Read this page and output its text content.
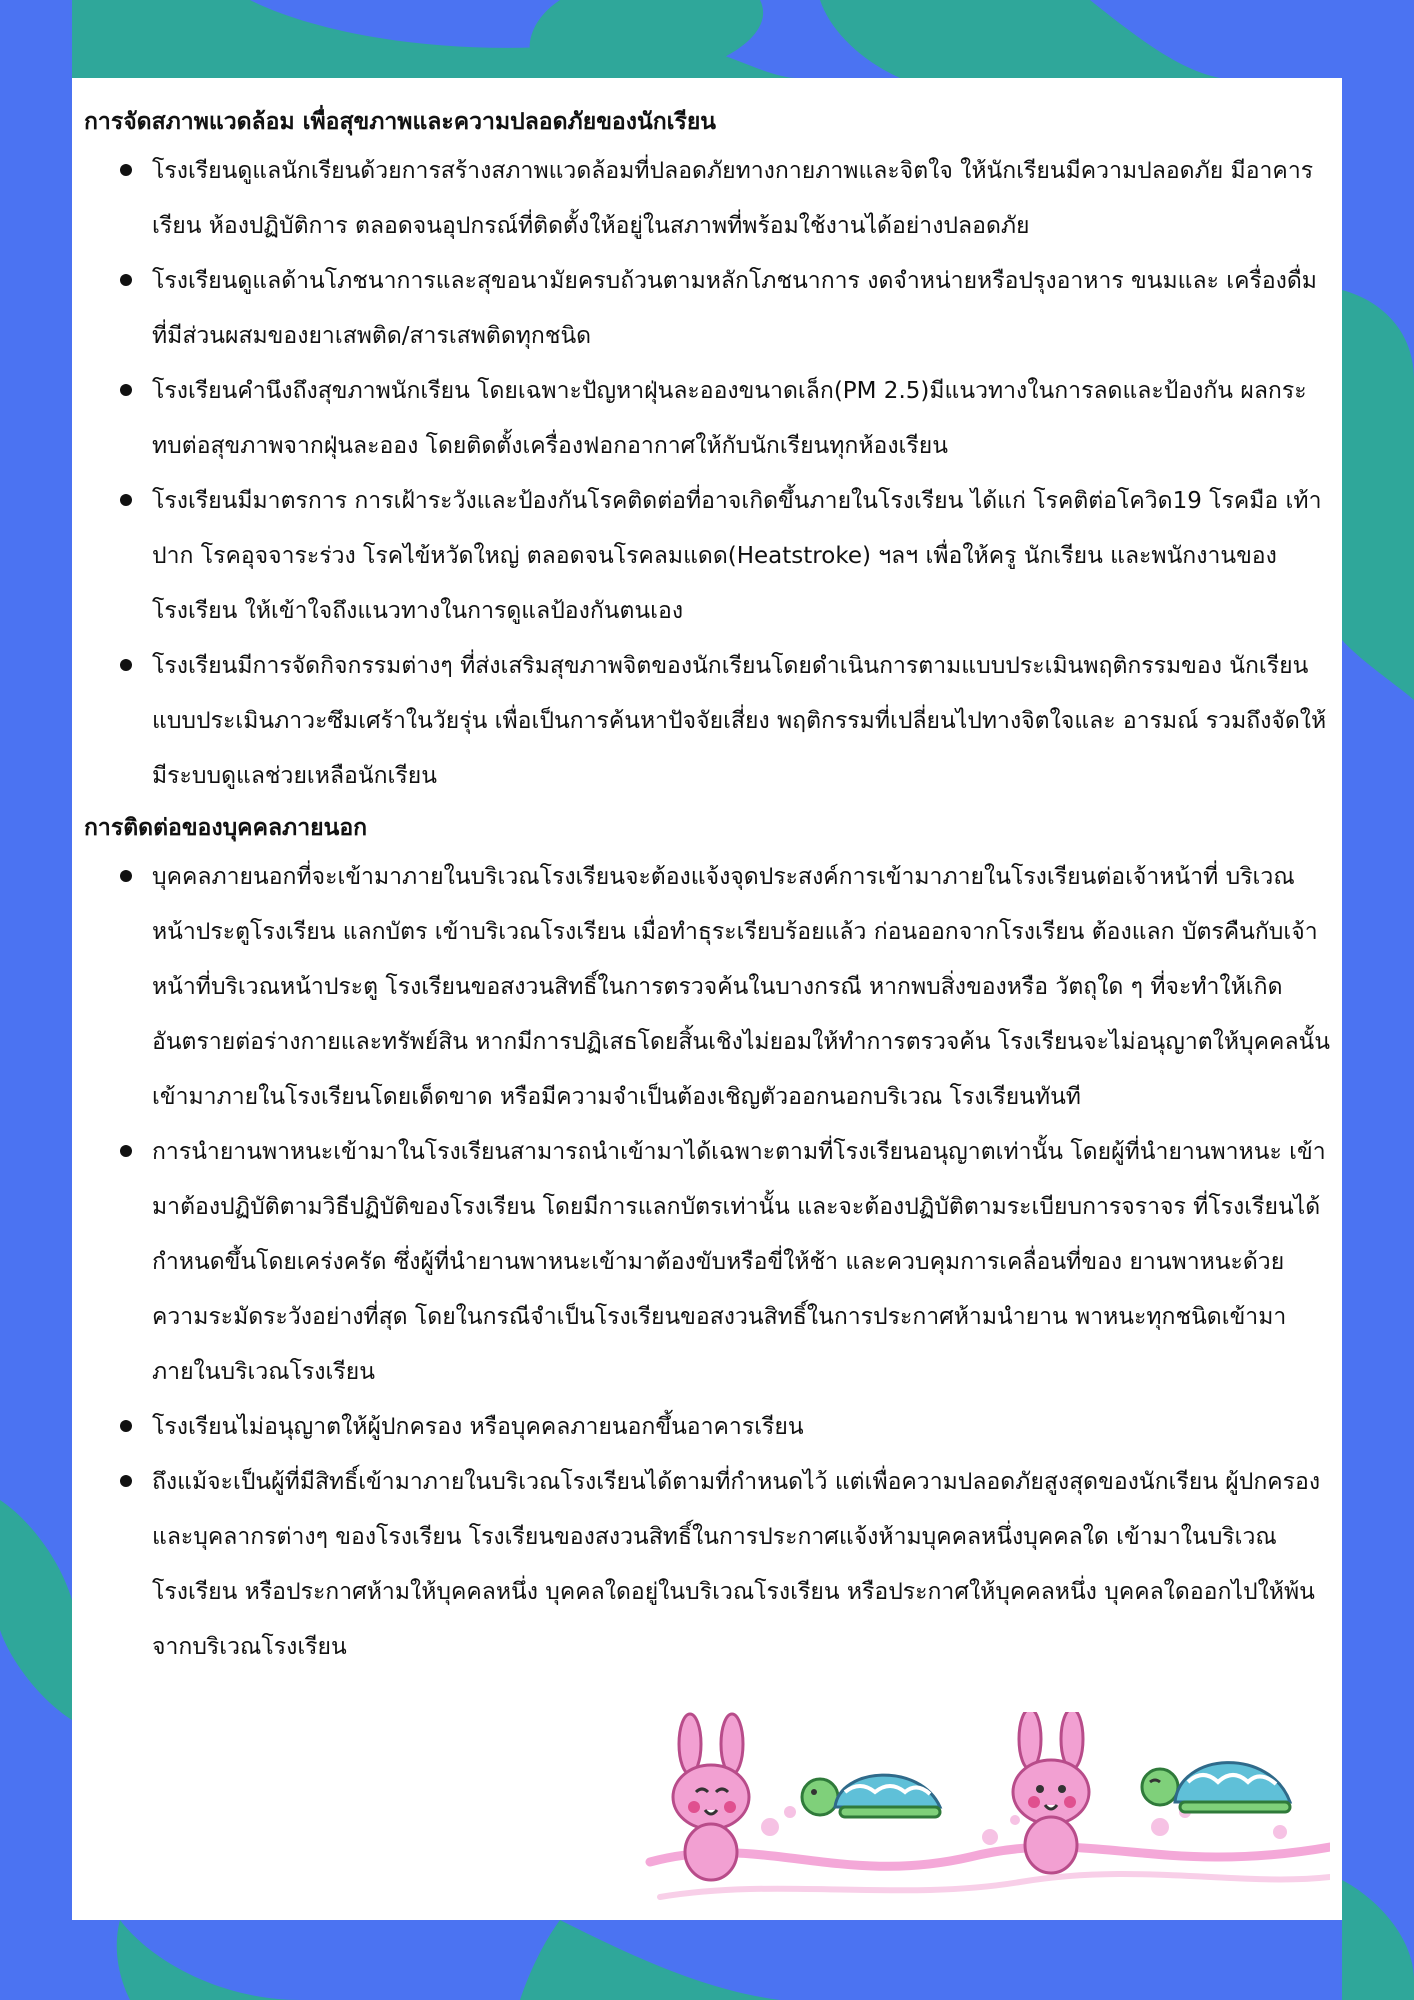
การจัดสภาพแวดล้อม เพื่อสุขภาพและความปลอดภัยของนักเรียน
โรงเรียนดูแลนักเรียนด้วยการสร้างสภาพแวดล้อมที่ปลอดภัยทางกายภาพและจิตใจ ให้นักเรียนมีความปลอดภัย มีอาคารเรียน ห้องปฏิบัติการ ตลอดจนอุปกรณ์ที่ติดตั้งให้อยู่ในสภาพที่พร้อมใช้งานได้อย่างปลอดภัย
โรงเรียนดูแลด้านโภชนาการและสุขอนามัยครบถ้วนตามหลักโภชนาการ งดจำหน่ายหรือปรุงอาหาร ขนมและ เครื่องดื่มที่มีส่วนผสมของยาเสพติด/สารเสพติดทุกชนิด
โรงเรียนคำนึงถึงสุขภาพนักเรียน โดยเฉพาะปัญหาฝุ่นละอองขนาดเล็ก(PM 2.5)มีแนวทางในการลดและป้องกัน ผลกระทบต่อสุขภาพจากฝุ่นละออง โดยติดตั้งเครื่องฟอกอากาศให้กับนักเรียนทุกห้องเรียน
โรงเรียนมีมาตรการ การเฝ้าระวังและป้องกันโรคติดต่อที่อาจเกิดขึ้นภายในโรงเรียน ได้แก่ โรคติต่อโควิด19 โรคมือ เท้า ปาก โรคอุจจาระร่วง โรคไข้หวัดใหญ่ ตลอดจนโรคลมแดด(Heatstroke) ฯลฯ เพื่อให้ครู นักเรียน และพนักงานของโรงเรียน ให้เข้าใจถึงแนวทางในการดูแลป้องกันตนเอง
โรงเรียนมีการจัดกิจกรรมต่างๆ ที่ส่งเสริมสุขภาพจิตของนักเรียนโดยดำเนินการตามแบบประเมินพฤติกรรมของ นักเรียน แบบประเมินภาวะซึมเศร้าในวัยรุ่น เพื่อเป็นการค้นหาปัจจัยเสี่ยง พฤติกรรมที่เปลี่ยนไปทางจิตใจและ อารมณ์ รวมถึงจัดให้มีระบบดูแลช่วยเหลือนักเรียน
การติดต่อของบุคคลภายนอก
บุคคลภายนอกที่จะเข้ามาภายในบริเวณโรงเรียนจะต้องแจ้งจุดประสงค์การเข้ามาภายในโรงเรียนต่อเจ้าหน้าที่ บริเวณหน้าประตูโรงเรียน แลกบัตร เข้าบริเวณโรงเรียน เมื่อทำธุระเรียบร้อยแล้ว ก่อนออกจากโรงเรียน ต้องแลก บัตรคืนกับเจ้าหน้าที่บริเวณหน้าประตู โรงเรียนขอสงวนสิทธิ์ในการตรวจค้นในบางกรณี หากพบสิ่งของหรือ วัตถุใด ๆ ที่จะทำให้เกิดอันตรายต่อร่างกายและทรัพย์สิน หากมีการปฏิเสธโดยสิ้นเชิงไม่ยอมให้ทำการตรวจค้น โรงเรียนจะไม่อนุญาตให้บุคคลนั้นเข้ามาภายในโรงเรียนโดยเด็ดขาด หรือมีความจำเป็นต้องเชิญตัวออกนอกบริเวณ โรงเรียนทันที
การนำยานพาหนะเข้ามาในโรงเรียนสามารถนำเข้ามาได้เฉพาะตามที่โรงเรียนอนุญาตเท่านั้น โดยผู้ที่นำยานพาหนะ เข้ามาต้องปฏิบัติตามวิธีปฏิบัติของโรงเรียน โดยมีการแลกบัตรเท่านั้น และจะต้องปฏิบัติตามระเบียบการจราจร ที่โรงเรียนได้กำหนดขึ้นโดยเคร่งครัด ซึ่งผู้ที่นำยานพาหนะเข้ามาต้องขับหรือขี่ให้ช้า และควบคุมการเคลื่อนที่ของ ยานพาหนะด้วยความระมัดระวังอย่างที่สุด โดยในกรณีจำเป็นโรงเรียนขอสงวนสิทธิ์ในการประกาศห้ามนำยาน พาหนะทุกชนิดเข้ามาภายในบริเวณโรงเรียน
โรงเรียนไม่อนุญาตให้ผู้ปกครอง หรือบุคคลภายนอกขึ้นอาคารเรียน
ถึงแม้จะเป็นผู้ที่มีสิทธิ์เข้ามาภายในบริเวณโรงเรียนได้ตามที่กำหนดไว้ แต่เพื่อความปลอดภัยสูงสุดของนักเรียน ผู้ปกครอง และบุคลากรต่างๆ ของโรงเรียน โรงเรียนของสงวนสิทธิ์ในการประกาศแจ้งห้ามบุคคลหนึ่งบุคคลใด เข้ามาในบริเวณโรงเรียน หรือประกาศห้ามให้บุคคลหนึ่ง บุคคลใดอยู่ในบริเวณโรงเรียน หรือประกาศให้บุคคลหนึ่ง บุคคลใดออกไปให้พ้นจากบริเวณโรงเรียน
